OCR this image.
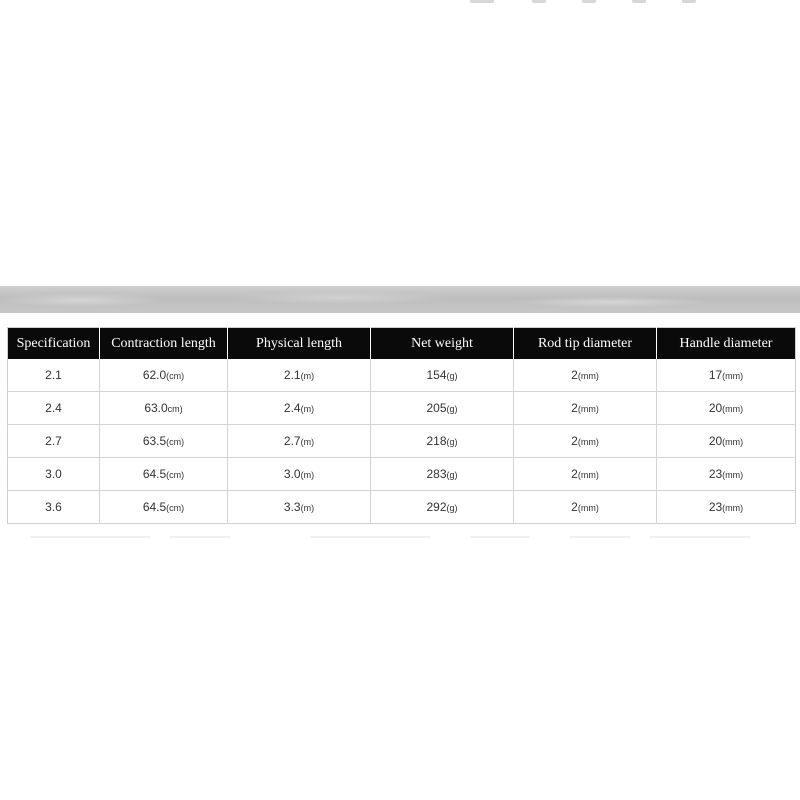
Specification	Contraction length	Physical length	Net weight	Rod tip diameter	Handle diameter
2.1	62.0(cm)	2.1(m)	154(g)	2(mm)	17(mm)
2.4	63.0cm)	2.4(m)	205(g)	2(mm)	20(mm)
2.7	63.5(cm)	2.7(m)	218(g)	2(mm)	20(mm)
3.0	64.5(cm)	3.0(m)	283(g)	2(mm)	23(mm)
3.6	64.5(cm)	3.3(m)	292(g)	2(mm)	23(mm)
